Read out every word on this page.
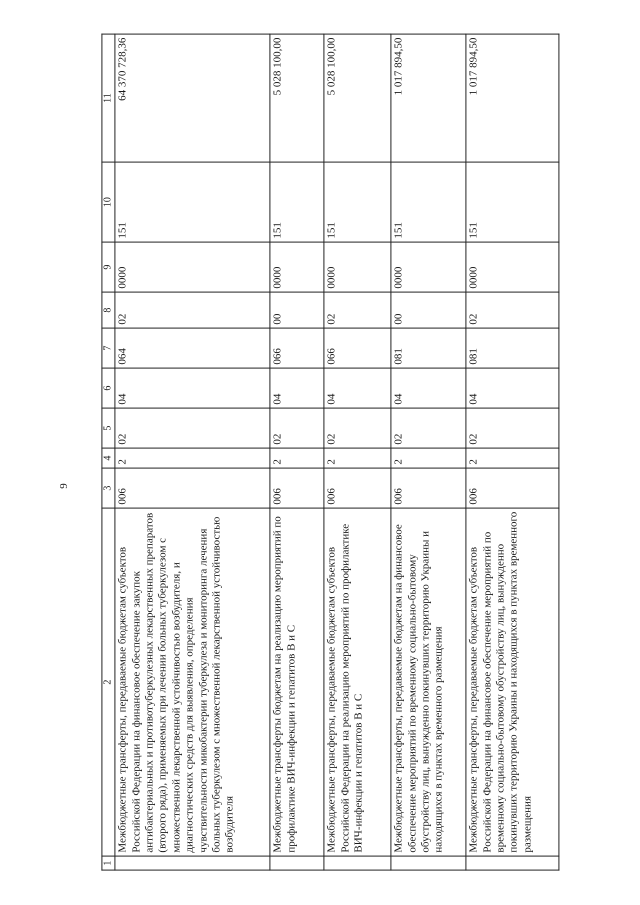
9
1	2	3	4	5	6	7	8	9	10	11
	Межбюджетные трансферты, передаваемые бюджетам субъектов Российской Федерации на финансовое обеспечение закупок антибактериальных и противотуберкулезных лекарственных препаратов (второго ряда), применяемых при лечении больных туберкулезом с множественной лекарственной устойчивостью возбудителя, и диагностических средств для выявления, определения чувствительности микобактерии туберкулеза и мониторинга лечения больных туберкулезом с множественной лекарственной устойчивостью возбудителя	006	2	02	04	064	02	0000	151	64 370 728,36
	Межбюджетные трансферты бюджетам на реализацию мероприятий по профилактике ВИЧ-инфекции и гепатитов В и С	006	2	02	04	066	00	0000	151	5 028 100,00
	Межбюджетные трансферты, передаваемые бюджетам субъектов Российской Федерации на реализацию мероприятий по профилактике ВИЧ-инфекции и гепатитов В и С	006	2	02	04	066	02	0000	151	5 028 100,00
	Межбюджетные трансферты, передаваемые бюджетам на финансовое обеспечение мероприятий по временному социально-бытовому обустройству лиц, вынужденно покинувших территорию Украины и находящихся в пунктах временного размещения	006	2	02	04	081	00	0000	151	1 017 894,50
	Межбюджетные трансферты, передаваемые бюджетам субъектов Российской Федерации на финансовое обеспечение мероприятий по временному социально-бытовому обустройству лиц, вынужденно покинувших территорию Украины и находящихся в пунктах временного размещения	006	2	02	04	081	02	0000	151	1 017 894,50
